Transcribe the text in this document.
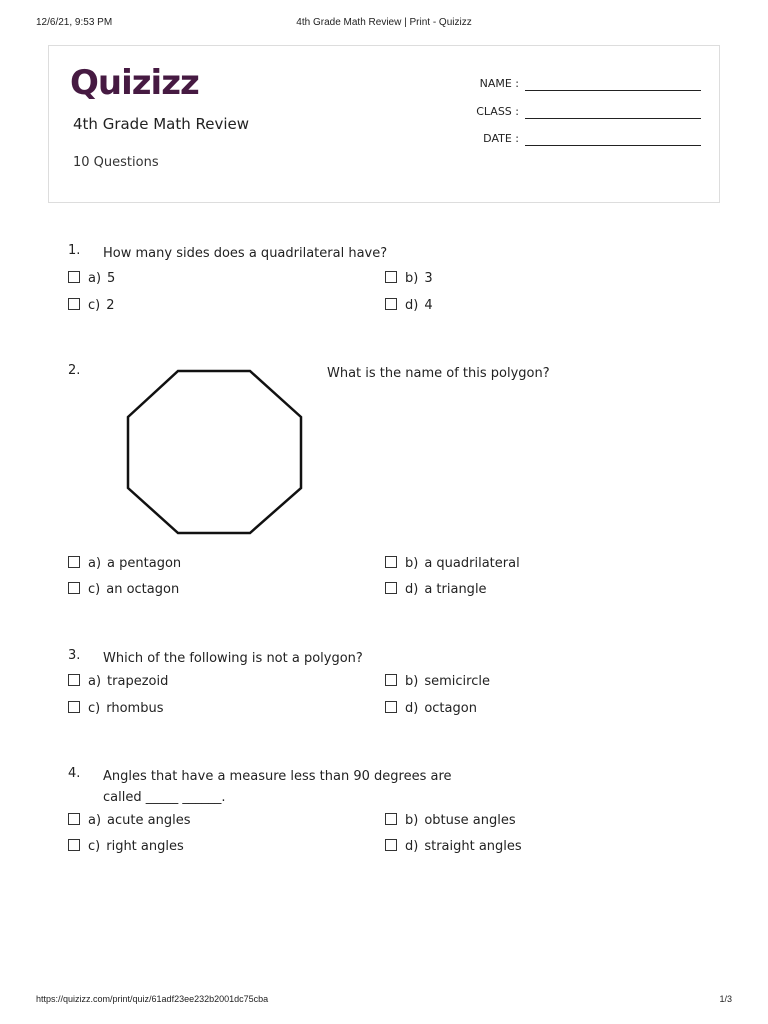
12/6/21, 9:53 PM	4th Grade Math Review | Print - Quizizz
Quizizz
4th Grade Math Review
10 Questions
NAME :
CLASS :
DATE :
1. How many sides does a quadrilateral have?
a) 5	b) 3
c) 2	d) 4
2.	What is the name of this polygon?
a) a pentagon	b) a quadrilateral
c) an octagon	d) a triangle
3. Which of the following is not a polygon?
a) trapezoid	b) semicircle
c) rhombus	d) octagon
4. Angles that have a measure less than 90 degrees are
called _____ ______.
a) acute angles	b) obtuse angles
c) right angles	d) straight angles
https://quizizz.com/print/quiz/61adf23ee232b2001dc75cba	1/3
